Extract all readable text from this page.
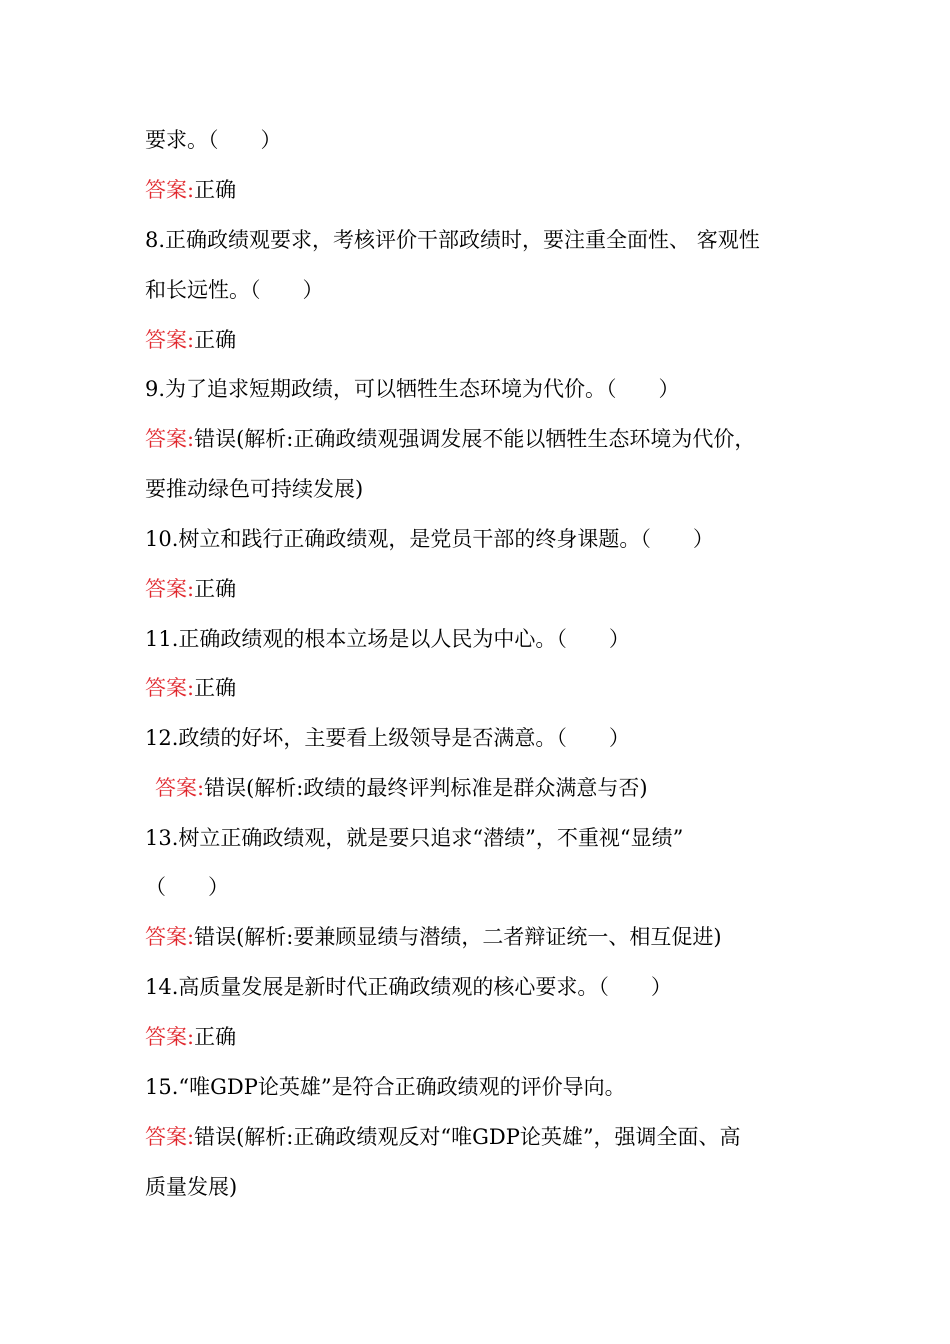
要求。（　　）
答案:正确
8.正确政绩观要求，考核评价干部政绩时，要注重全面性、 客观性
和长远性。（　　）
答案:正确
9.为了追求短期政绩，可以牺牲生态环境为代价。（　　）
答案:错误(解析:正确政绩观强调发展不能以牺牲生态环境为代价，
要推动绿色可持续发展)
10.树立和践行正确政绩观，是党员干部的终身课题。（　　）
答案:正确
11.正确政绩观的根本立场是以人民为中心。（　　）
答案:正确
12.政绩的好坏，主要看上级领导是否满意。（　　）
答案:错误(解析:政绩的最终评判标准是群众满意与否)
13.树立正确政绩观，就是要只追求“潜绩”，不重视“显绩”
（　　）
答案:错误(解析:要兼顾显绩与潜绩，二者辩证统一、相互促进)
14.高质量发展是新时代正确政绩观的核心要求。（　　）
答案:正确
15.“唯GDP论英雄”是符合正确政绩观的评价导向。
答案:错误(解析:正确政绩观反对“唯GDP论英雄”，强调全面、高
质量发展)
